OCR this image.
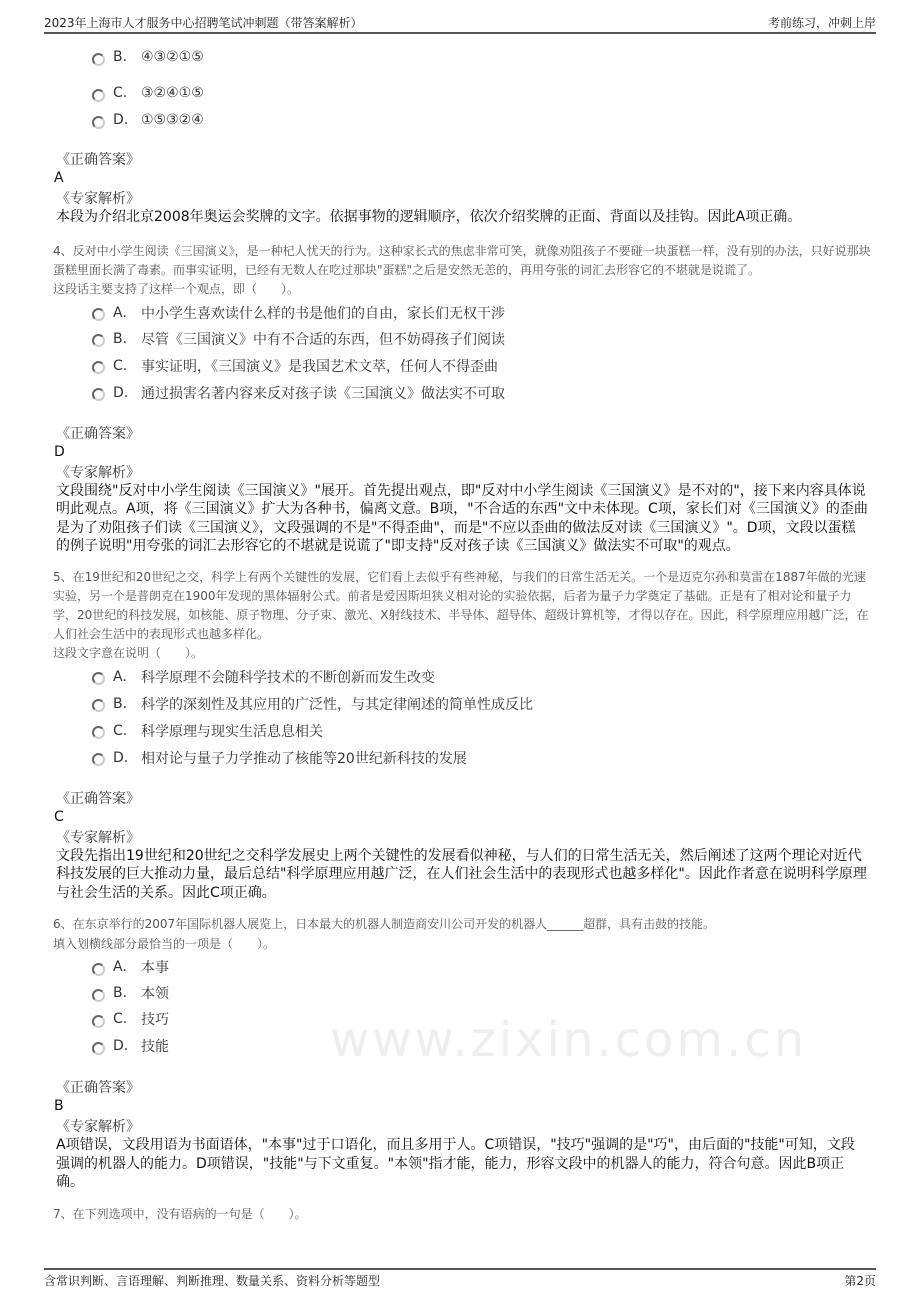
2023年上海市人才服务中心招聘笔试冲刺题（带答案解析）	考前练习，冲刺上岸
www.zixin.com.cn
B. ④③②①⑤
C. ③②④①⑤
D. ①⑤③②④
《正确答案》
A
《专家解析》
本段为介绍北京2008年奥运会奖牌的文字。依据事物的逻辑顺序，依次介绍奖牌的正面、背面以及挂钩。因此A项正确。
4、反对中小学生阅读《三国演义》，是一种杞人忧天的行为。这种家长式的焦虑非常可笑，就像劝阻孩子不要碰一块蛋糕一样，没有别的办法，只好说那块蛋糕里面长满了毒素。而事实证明，已经有无数人在吃过那块"蛋糕"之后是安然无恙的，再用夸张的词汇去形容它的不堪就是说谎了。
这段话主要支持了这样一个观点，即（　　）。
A.	中小学生喜欢读什么样的书是他们的自由，家长们无权干涉
B. 尽管《三国演义》中有不合适的东西，但不妨碍孩子们阅读
C. 事实证明，《三国演义》是我国艺术文萃，任何人不得歪曲
D. 通过损害名著内容来反对孩子读《三国演义》做法实不可取
《正确答案》
D
《专家解析》
文段围绕"反对中小学生阅读《三国演义》"展开。首先提出观点，即"反对中小学生阅读《三国演义》是不对的"，接下来内容具体说明此观点。A项，将《三国演义》扩大为各种书，偏离文意。B项，"不合适的东西"文中未体现。C项，家长们对《三国演义》的歪曲是为了劝阻孩子们读《三国演义》，文段强调的不是"不得歪曲"，而是"不应以歪曲的做法反对读《三国演义》"。D项，文段以蛋糕的例子说明"用夸张的词汇去形容它的不堪就是说谎了"即支持"反对孩子读《三国演义》做法实不可取"的观点。
5、在19世纪和20世纪之交，科学上有两个关键性的发展，它们看上去似乎有些神秘，与我们的日常生活无关。一个是迈克尔孙和莫雷在1887年做的光速实验，另一个是普朗克在1900年发现的黑体辐射公式。前者是爱因斯坦狭义相对论的实验依据，后者为量子力学奠定了基础。正是有了相对论和量子力学，20世纪的科技发展，如核能、原子物理、分子束、激光、X射线技术、半导体、超导体、超级计算机等，才得以存在。因此，科学原理应用越广泛，在人们社会生活中的表现形式也越多样化。
这段文字意在说明（　　）。
A.	科学原理不会随科学技术的不断创新而发生改变
B. 科学的深刻性及其应用的广泛性，与其定律阐述的简单性成反比
C. 科学原理与现实生活息息相关
D. 相对论与量子力学推动了核能等20世纪新科技的发展
《正确答案》
C
《专家解析》
文段先指出19世纪和20世纪之交科学发展史上两个关键性的发展看似神秘，与人们的日常生活无关，然后阐述了这两个理论对近代科技发展的巨大推动力量，最后总结"科学原理应用越广泛，在人们社会生活中的表现形式也越多样化"。因此作者意在说明科学原理与社会生活的关系。因此C项正确。
6、在东京举行的2007年国际机器人展览上，日本最大的机器人制造商安川公司开发的机器人______超群，具有击鼓的技能。
填入划横线部分最恰当的一项是（　　）。
A.	本事
B. 本领
C. 技巧
D. 技能
《正确答案》
B
《专家解析》
A项错误，文段用语为书面语体，"本事"过于口语化，而且多用于人。C项错误，"技巧"强调的是"巧"，由后面的"技能"可知，文段强调的机器人的能力。D项错误，"技能"与下文重复。"本领"指才能，能力，形容文段中的机器人的能力，符合句意。因此B项正确。
7、在下列选项中，没有语病的一句是（　　）。
含常识判断、言语理解、判断推理、数量关系、资料分析等题型	第2页
